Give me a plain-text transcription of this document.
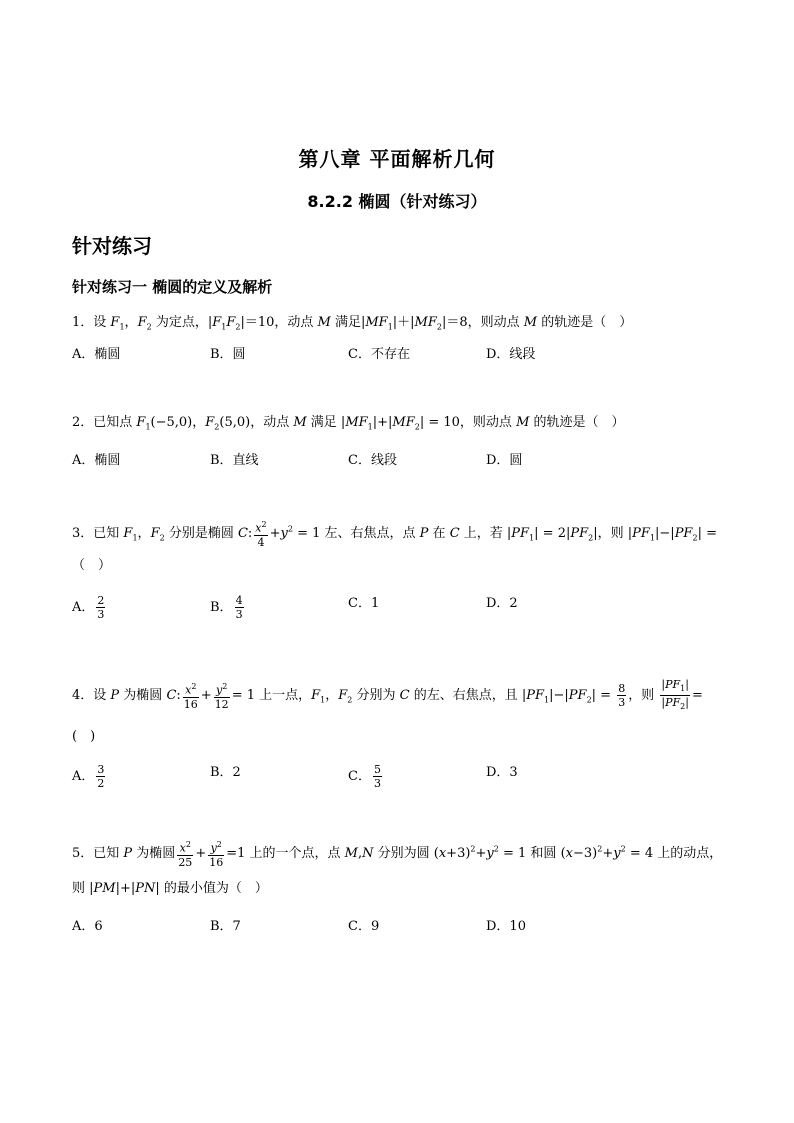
第八章 平面解析几何
8.2.2 椭圆（针对练习）
针对练习
针对练习一 椭圆的定义及解析
1．设 $F_1$，$F_2$ 为定点，$|F_1F_2|=10$，动点 M 满足$|MF_1|+|MF_2|=8$，则动点 M 的轨迹是（　）
A．椭圆	B．圆	C．不存在	D．线段
2．已知点 $F_1(-5,0)$，$F_2(5,0)$，动点 M 满足 $|MF_1|+|MF_2| = 10$，则动点 M 的轨迹是（　）
A．椭圆	B．直线	C．线段	D．圆
3．已知 $F_1$，$F_2$ 分别是椭圆 C: $\frac{x^2}{4} +y^2 = 1$ 左、右焦点，点 P 在 C 上，若 $|PF_1| = 2|PF_2|$，则 $|PF_1|-|PF_2|$ =
（　）
A． $\frac{2}{3}$	B． $\frac{4}{3}$	C．1	D．2
4．设 P 为椭圆 C: $\frac{x^2}{16} + \frac{y^2}{12} = 1$ 上一点，$F_1$，$F_2$ 分别为 C 的左、右焦点，且 $|PF_1|-|PF_2| = \frac{8}{3}$ ，则 $\frac{|PF_1|}{|PF_2|}$ =
(　)
A． $\frac{3}{2}$	B．2	C． $\frac{5}{3}$	D．3
5．已知 P 为椭圆 $\frac{x^2}{25} + \frac{y^2}{16} =1$ 上的一个点，点 M,N 分别为圆 $(x+3)^2+y^2 = 1$ 和圆 $(x-3)^2+y^2 = 4$ 上的动点，
则 |PM|+|PN| 的最小值为（　）
A．6	B．7	C．9	D．10
